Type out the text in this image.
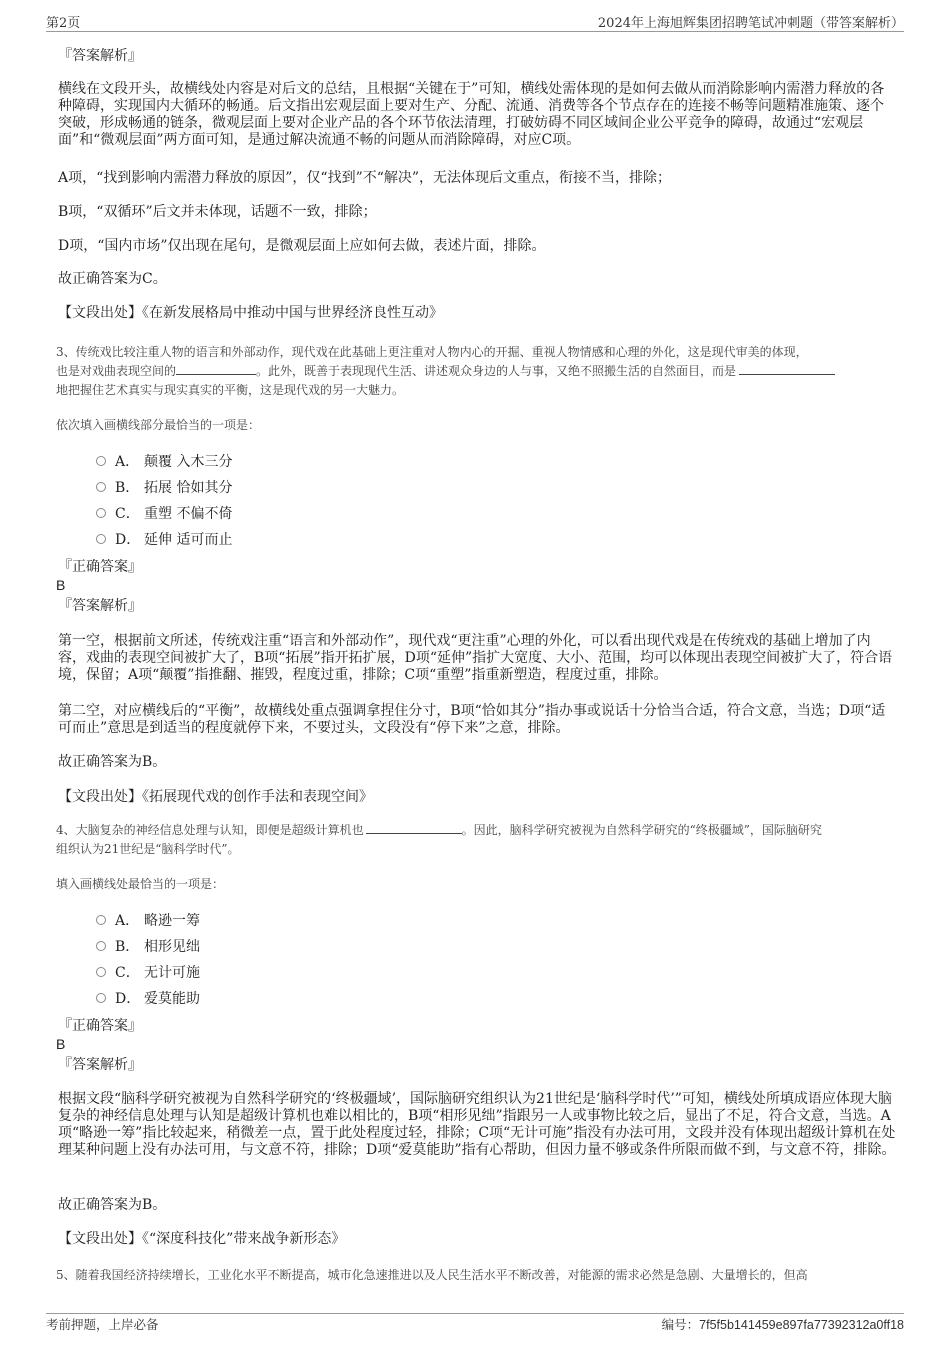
第2页	2024年上海旭辉集团招聘笔试冲刺题（带答案解析）
『答案解析』
横线在文段开头，故横线处内容是对后文的总结，且根据“关键在于”可知，横线处需体现的是如何去做从而消除影响内需潜力释放的各种障碍，实现国内大循环的畅通。后文指出宏观层面上要对生产、分配、流通、消费等各个节点存在的连接不畅等问题精准施策、逐个突破，形成畅通的链条，微观层面上要对企业产品的各个环节依法清理，打破妨碍不同区域间企业公平竞争的障碍，故通过“宏观层面”和“微观层面”两方面可知，是通过解决流通不畅的问题从而消除障碍，对应C项。
A项，“找到影响内需潜力释放的原因”，仅“找到”不“解决”，无法体现后文重点，衔接不当，排除；
B项，“双循环”后文并未体现，话题不一致，排除；
D项，“国内市场”仅出现在尾句，是微观层面上应如何去做，表述片面，排除。
故正确答案为C。
【文段出处】《在新发展格局中推动中国与世界经济良性互动》
3、传统戏比较注重人物的语言和外部动作，现代戏在此基础上更注重对人物内心的开掘、重视人物情感和心理的外化，这是现代审美的体现，
也是对戏曲表现空间的	。此外，既善于表现现代生活、讲述观众身边的人与事，又绝不照搬生活的自然面目，而是
地把握住艺术真实与现实真实的平衡，这是现代戏的另一大魅力。
依次填入画横线部分最恰当的一项是：
A． 颠覆 入木三分
B． 拓展 恰如其分
C． 重塑 不偏不倚
D． 延伸 适可而止
『正确答案』
B
『答案解析』
第一空，根据前文所述，传统戏注重“语言和外部动作”，现代戏“更注重”心理的外化，可以看出现代戏是在传统戏的基础上增加了内容，戏曲的表现空间被扩大了，B项“拓展”指开拓扩展，D项“延伸”指扩大宽度、大小、范围，均可以体现出表现空间被扩大了，符合语境，保留；A项“颠覆”指推翻、摧毁，程度过重，排除；C项“重塑”指重新塑造，程度过重，排除。
第二空，对应横线后的“平衡”，故横线处重点强调拿捏住分寸，B项“恰如其分”指办事或说话十分恰当合适，符合文意，当选；D项“适可而止”意思是到适当的程度就停下来，不要过头，文段没有“停下来”之意，排除。
故正确答案为B。
【文段出处】《拓展现代戏的创作手法和表现空间》
4、大脑复杂的神经信息处理与认知，即便是超级计算机也	。因此，脑科学研究被视为自然科学研究的“终极疆域”，国际脑研究
组织认为21世纪是“脑科学时代”。
填入画横线处最恰当的一项是：
A． 略逊一筹
B． 相形见绌
C． 无计可施
D． 爱莫能助
『正确答案』
B
『答案解析』
根据文段“脑科学研究被视为自然科学研究的‘终极疆域’，国际脑研究组织认为21世纪是‘脑科学时代’”可知，横线处所填成语应体现大脑复杂的神经信息处理与认知是超级计算机也难以相比的，B项“相形见绌”指跟另一人或事物比较之后，显出了不足，符合文意，当选。A项“略逊一筹”指比较起来，稍微差一点，置于此处程度过轻，排除；C项“无计可施”指没有办法可用，文段并没有体现出超级计算机在处理某种问题上没有办法可用，与文意不符，排除；D项“爱莫能助”指有心帮助，但因力量不够或条件所限而做不到，与文意不符，排除。
故正确答案为B。
【文段出处】《“深度科技化”带来战争新形态》
5、随着我国经济持续增长，工业化水平不断提高，城市化急速推进以及人民生活水平不断改善，对能源的需求必然是急剧、大量增长的，但高
考前押题，上岸必备	编号：7f5f5b141459e897fa77392312a0ff18
